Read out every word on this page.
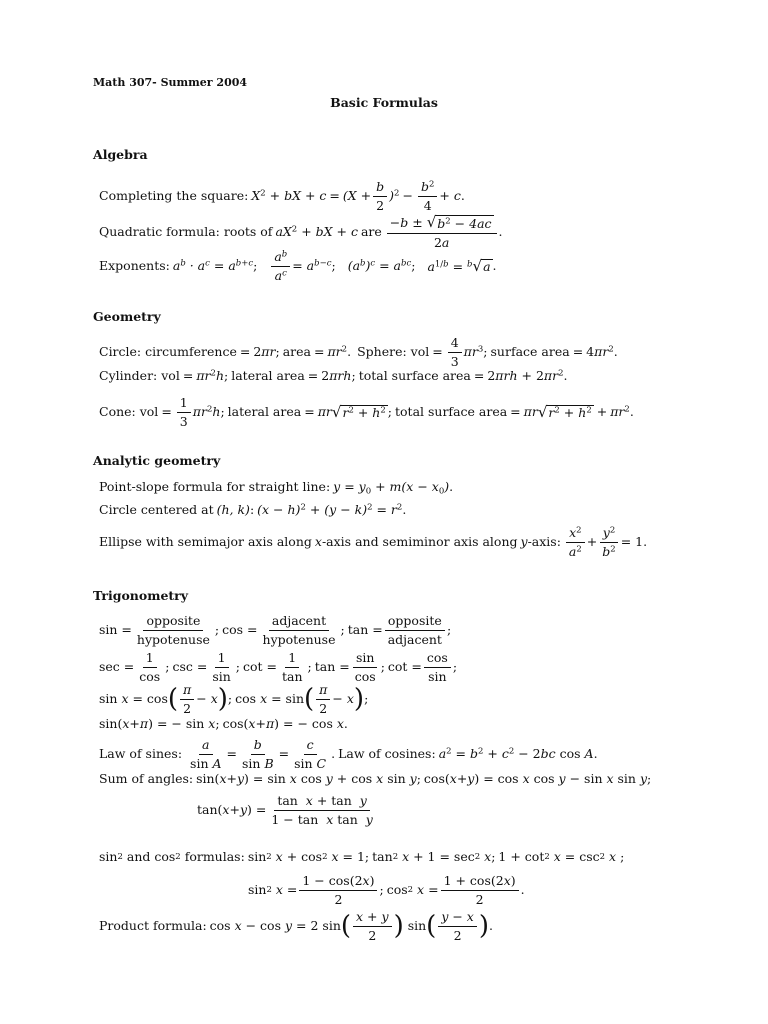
Math 307- Summer 2004
Basic Formulas
Algebra
Completing the square: $X^2$ + bX + $c = (X + \frac{b}{2} )^2 - \frac{b^2}{4} + c$ .
Quadratic formula: roots of $aX^2$ + bX + c are $\frac{-b \pm √ b^2 - 4ac}{2a}$ .
Exponents: $a^b \cdot a^c = a^{b+c}$ ; $\frac{a^b}{a^c} = a^{b-c}$ ; $(a^b)^c = a^{bc}$ ; $a^{1/b} = ^b$ √ a .
Geometry
Circle: circumference = 2πr; area = $\pi r^2$ . Sphere: vol = $\frac{4}{3} \pi r^3$ ; surface area = $4\pi r^2$ .
Cylinder: vol = $\pi r^2h$ ; lateral area = 2πrh; total surface area = $2\pi rh + 2\pi r^2$.
Cone: vol = $\frac{1}{3} \pi r^2h$ ; lateral area = πr √ $r^2 + h^2$ ; total surface area = πr √ $r^2 + h^2 + \pi r^2$ .
Analytic geometry
Point-slope formula for straight line: $y = y_0 + m(x - x_0)$ .
Circle centered at (h, k) : $(x - h)^2 + (y - k)^2 = r^2$ .
Ellipse with semimajor axis along x -axis and semiminor axis along y -axis: $\frac{x^2}{a^2} + \frac{y^2}{b^2} = 1$.
Trigonometry
$\sin = \frac{\text{opposite}}{\text{hypotenuse}}$ ;
$\cos = \frac{\text{adjacent}}{\text{hypotenuse}}$ ;
$\tan = \frac{\text{opposite}}{\text{adjacent}}$ ;
$\sec = \frac{1}{\cos}$ ;
$\csc = \frac{1}{\sin}$ ;
$\cot = \frac{1}{\tan}$ ;
$\tan = \frac{\sin}{\cos}$ ;
$\cot = \frac{\cos}{\sin}$ ;
sin x = cos ( $\frac{\pi}{2} - x$ ) ;
cos x = sin ( $\frac{\pi}{2} - x$ ) ;
sin( x + π ) = − sin x ;
cos( x + π ) = − cos x .
Law of sines: $\frac{a}{\text{sin A}} = \frac{b}{\text{sin B}} = \frac{c}{\text{sin C}}$ . Law of cosines: $a^2 = b^2 + c^2 - 2$ bc cos A .
Sum of angles: sin( x + y ) = sin x cos y + cos x sin y ;
cos( x + y ) = cos x cos y − sin x sin y ;
tan( x + y ) = $\frac{\text{tan  x + tan  y}}{\text{1 − tan  x tan  y}}$
sin 2 and cos 2
formulas: sin 2 x + cos 2 x = 1;
tan 2 x + 1 = sec 2 x ;
1 + cot 2 x = csc 2 x ;
sin 2 $x = \frac{1 - \cos(2x)}{2}$ ;
cos 2 $x = \frac{1 + \cos(2x)}{2}$ .
Product formula: cos x − cos y = 2 sin ( $\frac{x + y}{2}$ ) sin ( $\frac{y - x}{2}$ ) .
